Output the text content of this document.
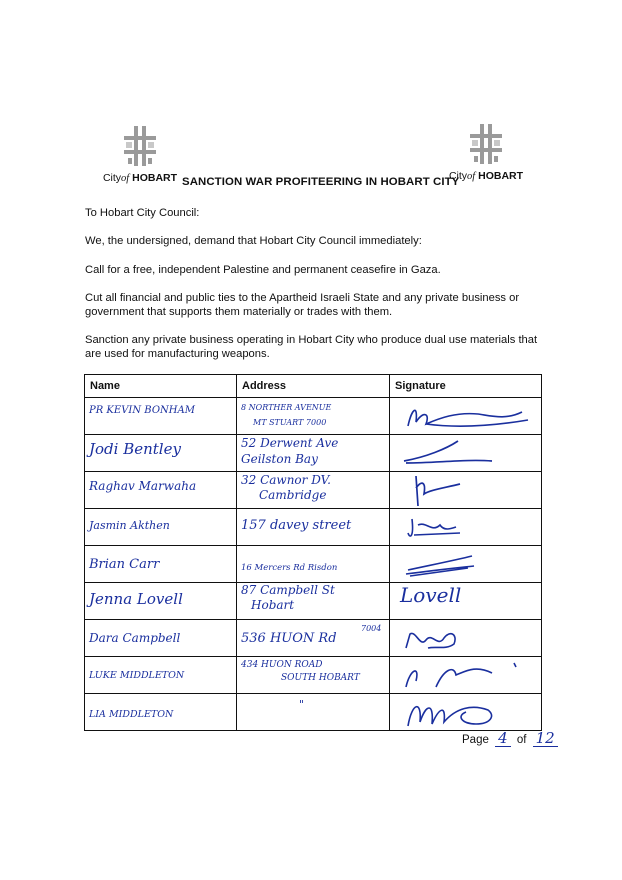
Cityof HOBART SANCTION WAR PROFITEERING IN HOBART CITY
Cityof HOBART
To Hobart City Council:
We, the undersigned, demand that Hobart City Council immediately:
Call for a free, independent Palestine and permanent ceasefire in Gaza.
Cut all financial and public ties to the Apartheid Israeli State and any private business or government that supports them materially or trades with them.
Sanction any private business operating in Hobart City who produce dual use materials that are used for manufacturing weapons.
Name	Address	Signature

PR KEVIN BONHAM	8 NORTHER AVENUE
MT STUART 7000

Jodi Bentley	52 Derwent Ave
Geilston Bay

Raghav Marwaha	32 Cawnor DV.
Cambridge

Jasmin Akthen	157 davey street

Brian Carr	16 Mercers Rd Risdon

Jenna Lovell	87 Campbell St
Hobart	Lovell

Dara Campbell	536 HUON Rd
7004

LUKE MIDDLETON	434 HUON ROAD
SOUTH HOBART

LIA MIDDLETON	"

Page 4 of 12
